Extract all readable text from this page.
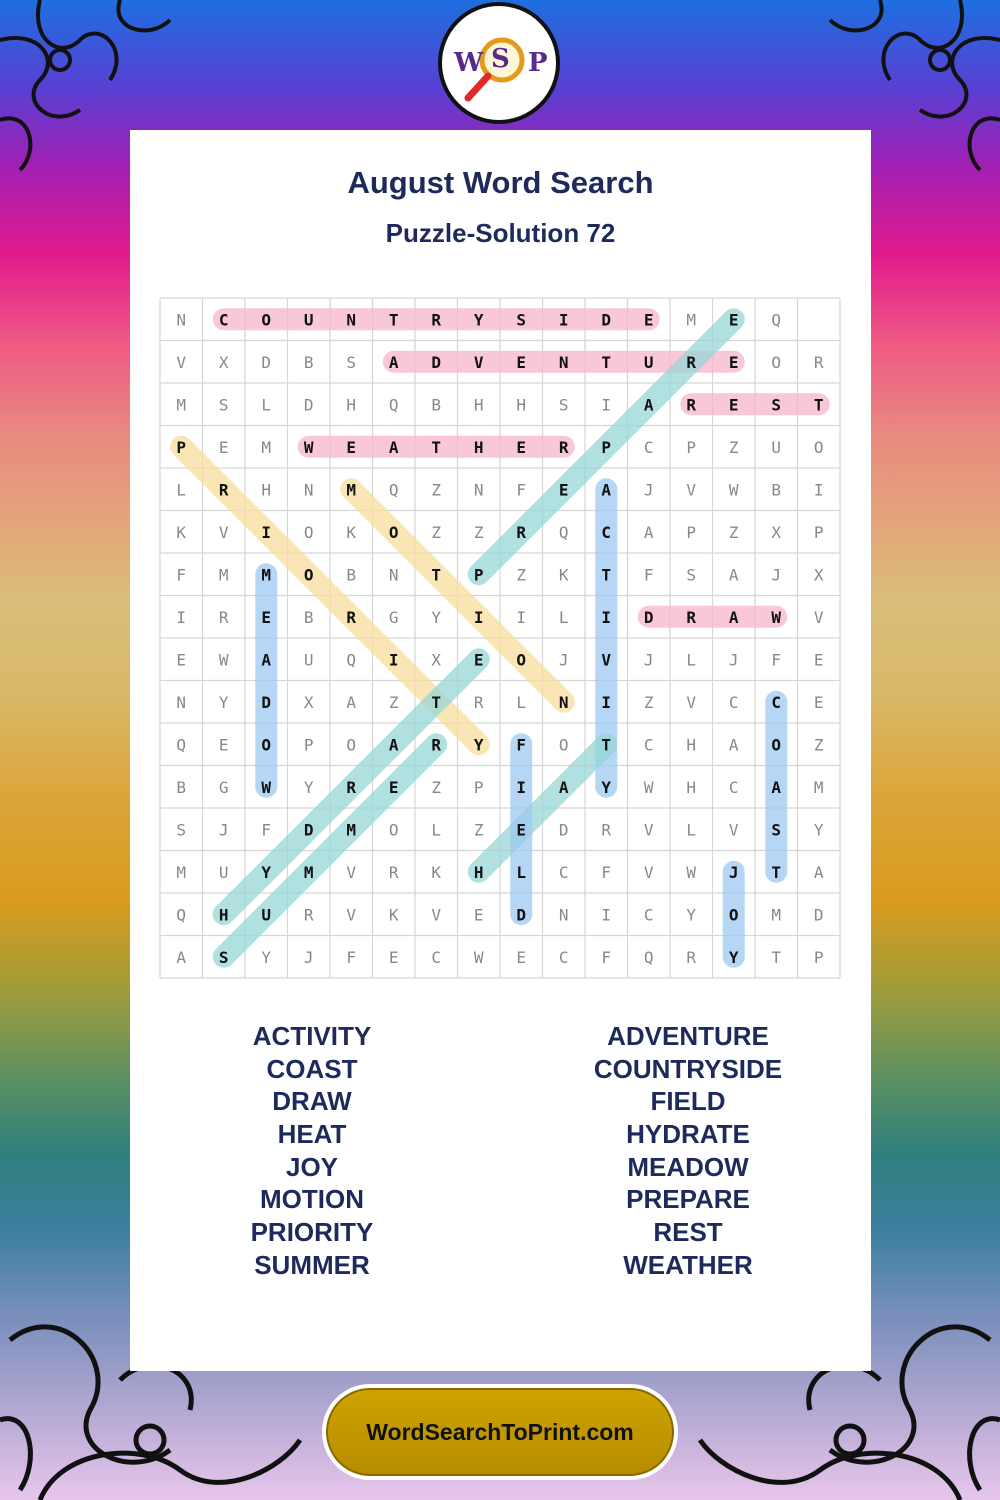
W S P
August Word Search
Puzzle-Solution 72
N C O U N T R Y S I D E M E Q
V X D B S A D V E N T U R E O R
M S L D H Q B H H S I A R E S T
P E M W E A T H E R P C P Z U O
L R H N M Q Z N F E A J V W B I
K V I O K O Z Z R Q C A P Z X P
F M M O B N T P Z K T F S A J X
I R E B R G Y I I L I D R A W V
E W A U Q I X E O J V J L J F E
N Y D X A Z T R L N I Z V C C E
Q E O P O A R Y F O T C H A O Z
B G W Y R E Z P I A Y W H C A M
S J F D M O L Z E D R V L V S Y
M U Y M V R K H L C F V W J T A
Q H U R V K V E D N I C Y O M D
A S Y J F E C W E C F Q R Y T P
ACTIVITY
COAST
DRAW
HEAT
JOY
MOTION
PRIORITY
SUMMER
ADVENTURE
COUNTRYSIDE
FIELD
HYDRATE
MEADOW
PREPARE
REST
WEATHER
WordSearchToPrint.com
